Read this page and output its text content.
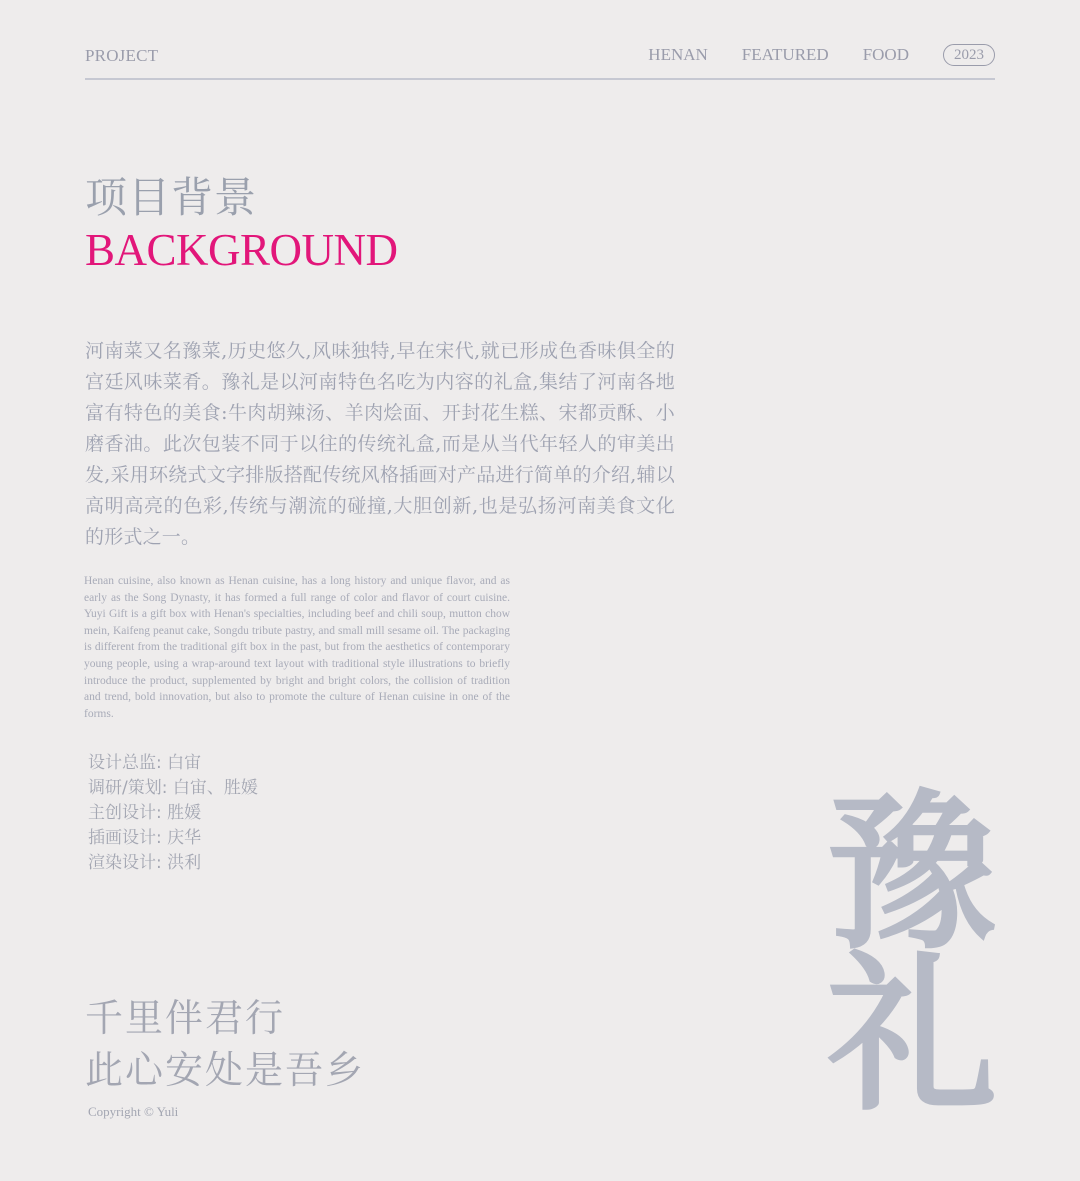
PROJECT	HENAN FEATURED FOOD	2023
项目背景
BACKGROUND

河南菜又名豫菜,历史悠久,风味独特,早在宋代,就已形成色香味俱全的宫廷风味菜肴。豫礼是以河南特色名吃为内容的礼盒,集结了河南各地富有特色的美食:牛肉胡辣汤、羊肉烩面、开封花生糕、宋都贡酥、小磨香油。此次包装不同于以往的传统礼盒,而是从当代年轻人的审美出发,采用环绕式文字排版搭配传统风格插画对产品进行简单的介绍,辅以高明高亮的色彩,传统与潮流的碰撞,大胆创新,也是弘扬河南美食文化的形式之一。

Henan cuisine, also known as Henan cuisine, has a long history and unique flavor, and as early as the Song Dynasty, it has formed a full range of color and flavor of court cuisine. Yuyi Gift is a gift box with Henan's specialties, including beef and chili soup, mutton chow mein, Kaifeng peanut cake, Songdu tribute pastry, and small mill sesame oil. The packaging is different from the traditional gift box in the past, but from the aesthetics of contemporary young people, using a wrap-around text layout with traditional style illustrations to briefly introduce the product, supplemented by bright and bright colors, the collision of tradition and trend, bold innovation, but also to promote the culture of Henan cuisine in one of the forms.

设计总监: 白宙
调研/策划: 白宙、胜媛
主创设计: 胜媛
插画设计: 庆华
渲染设计: 洪利
千里伴君行
此心安处是吾乡
Copyright © Yuli
豫
礼
